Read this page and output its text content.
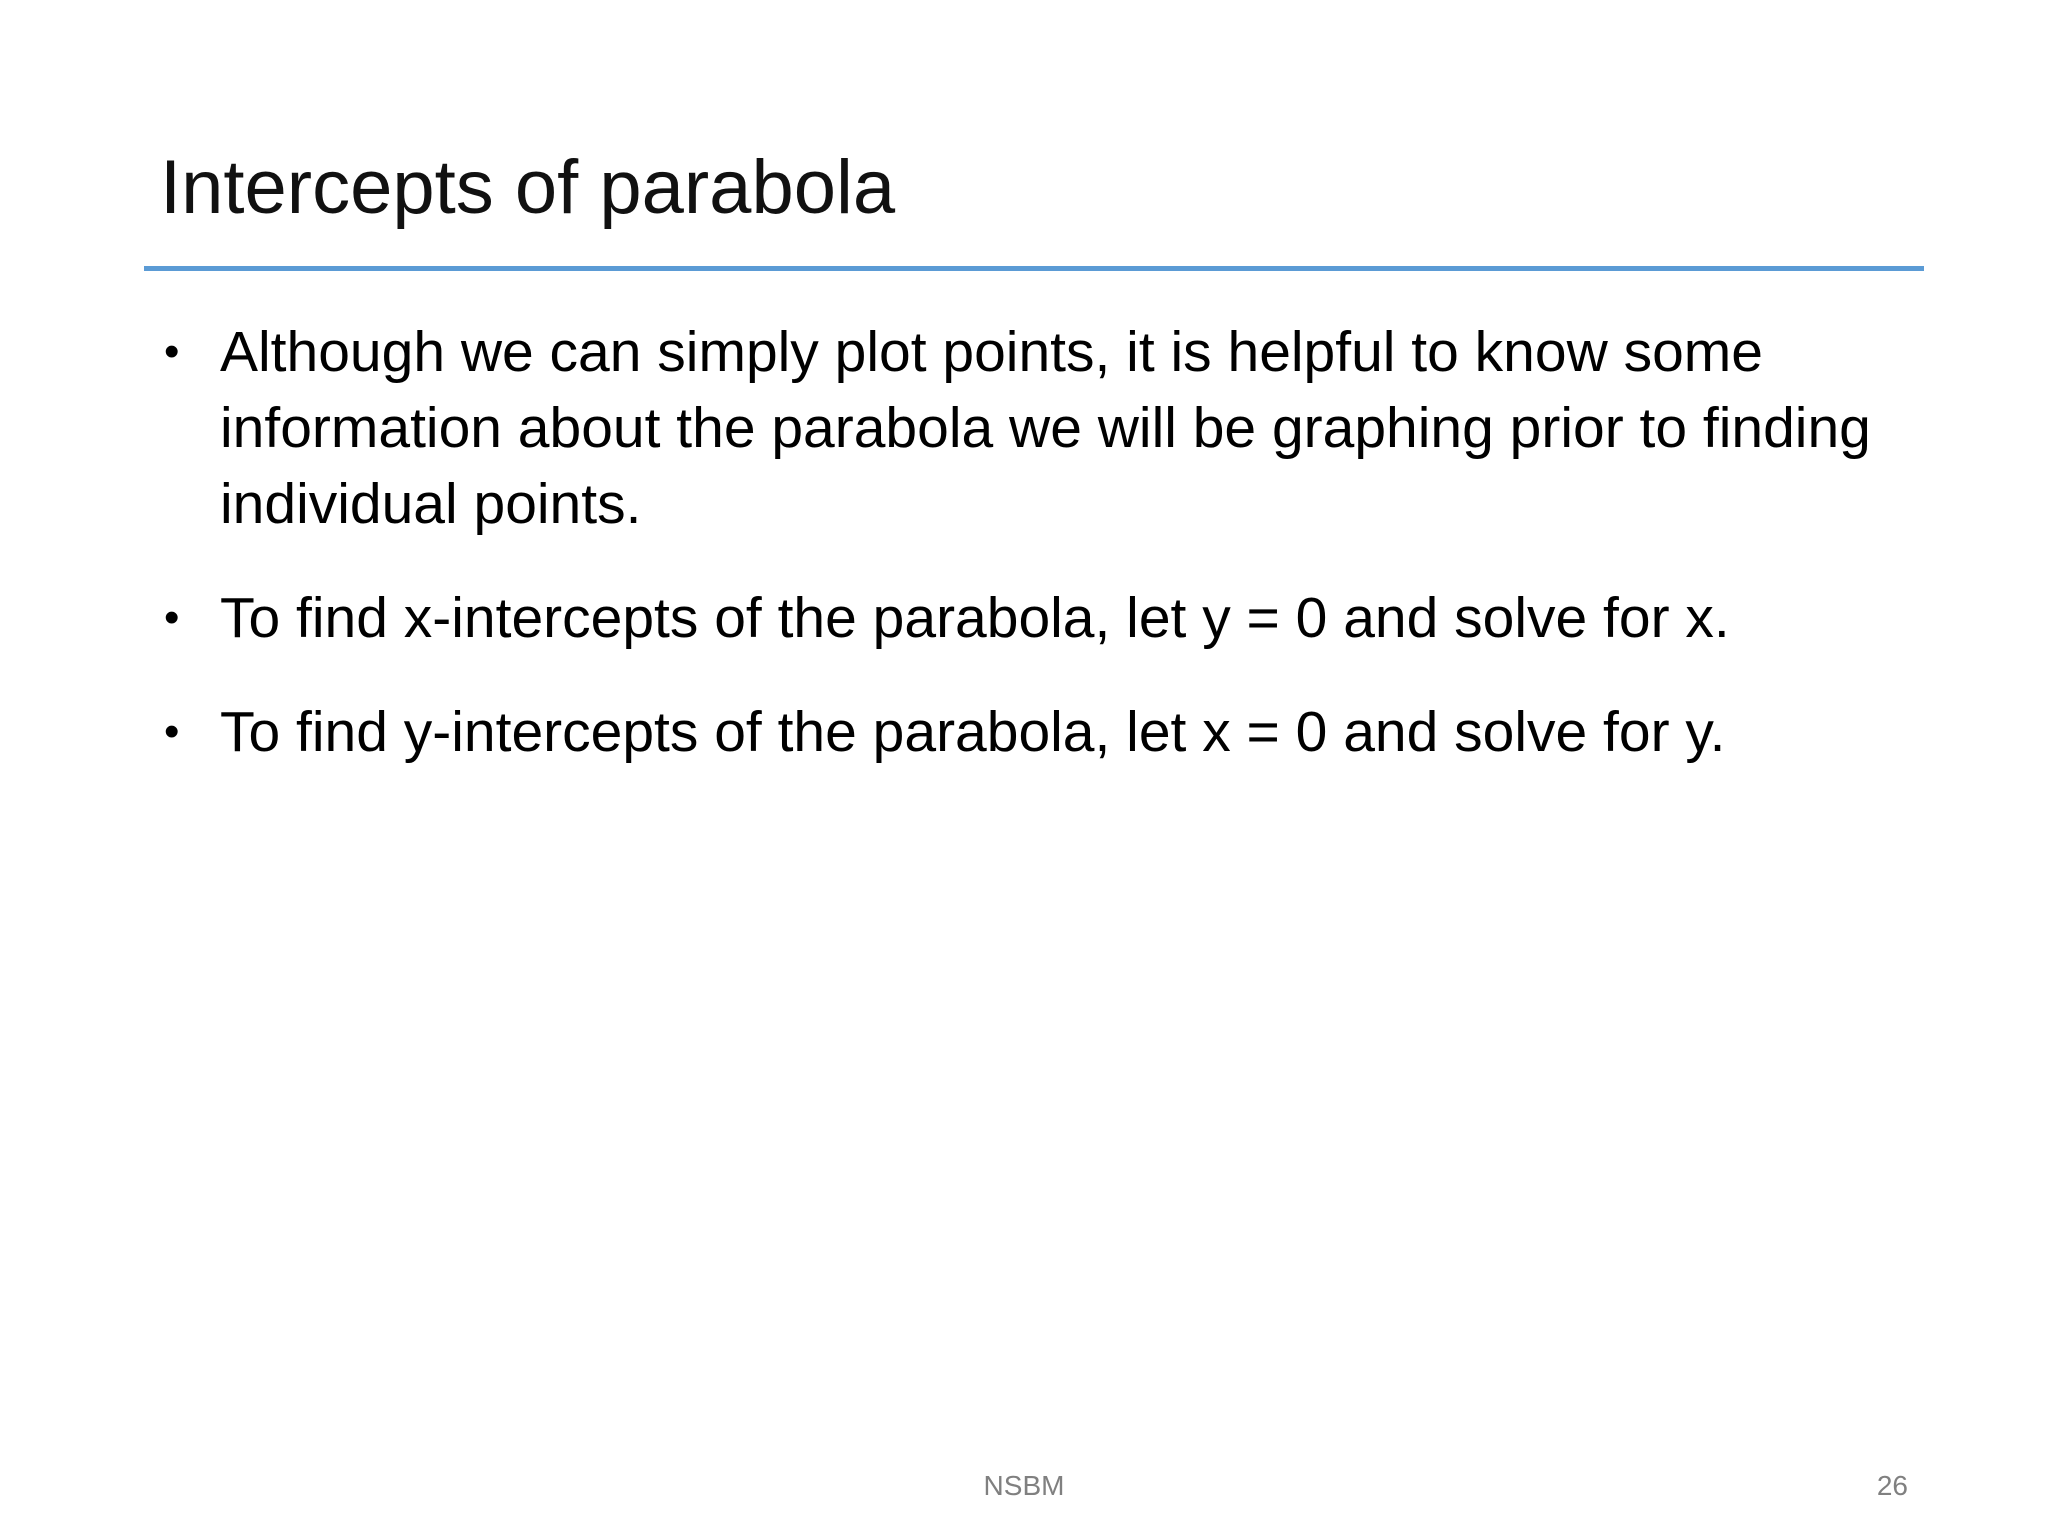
Intercepts of parabola
• Although we can simply plot points, it is helpful to know some information about the parabola we will be graphing prior to finding individual points.
• To find x-intercepts of the parabola, let y = 0 and solve for x.
• To find y-intercepts of the parabola, let x = 0 and solve for y.
NSBM	26
